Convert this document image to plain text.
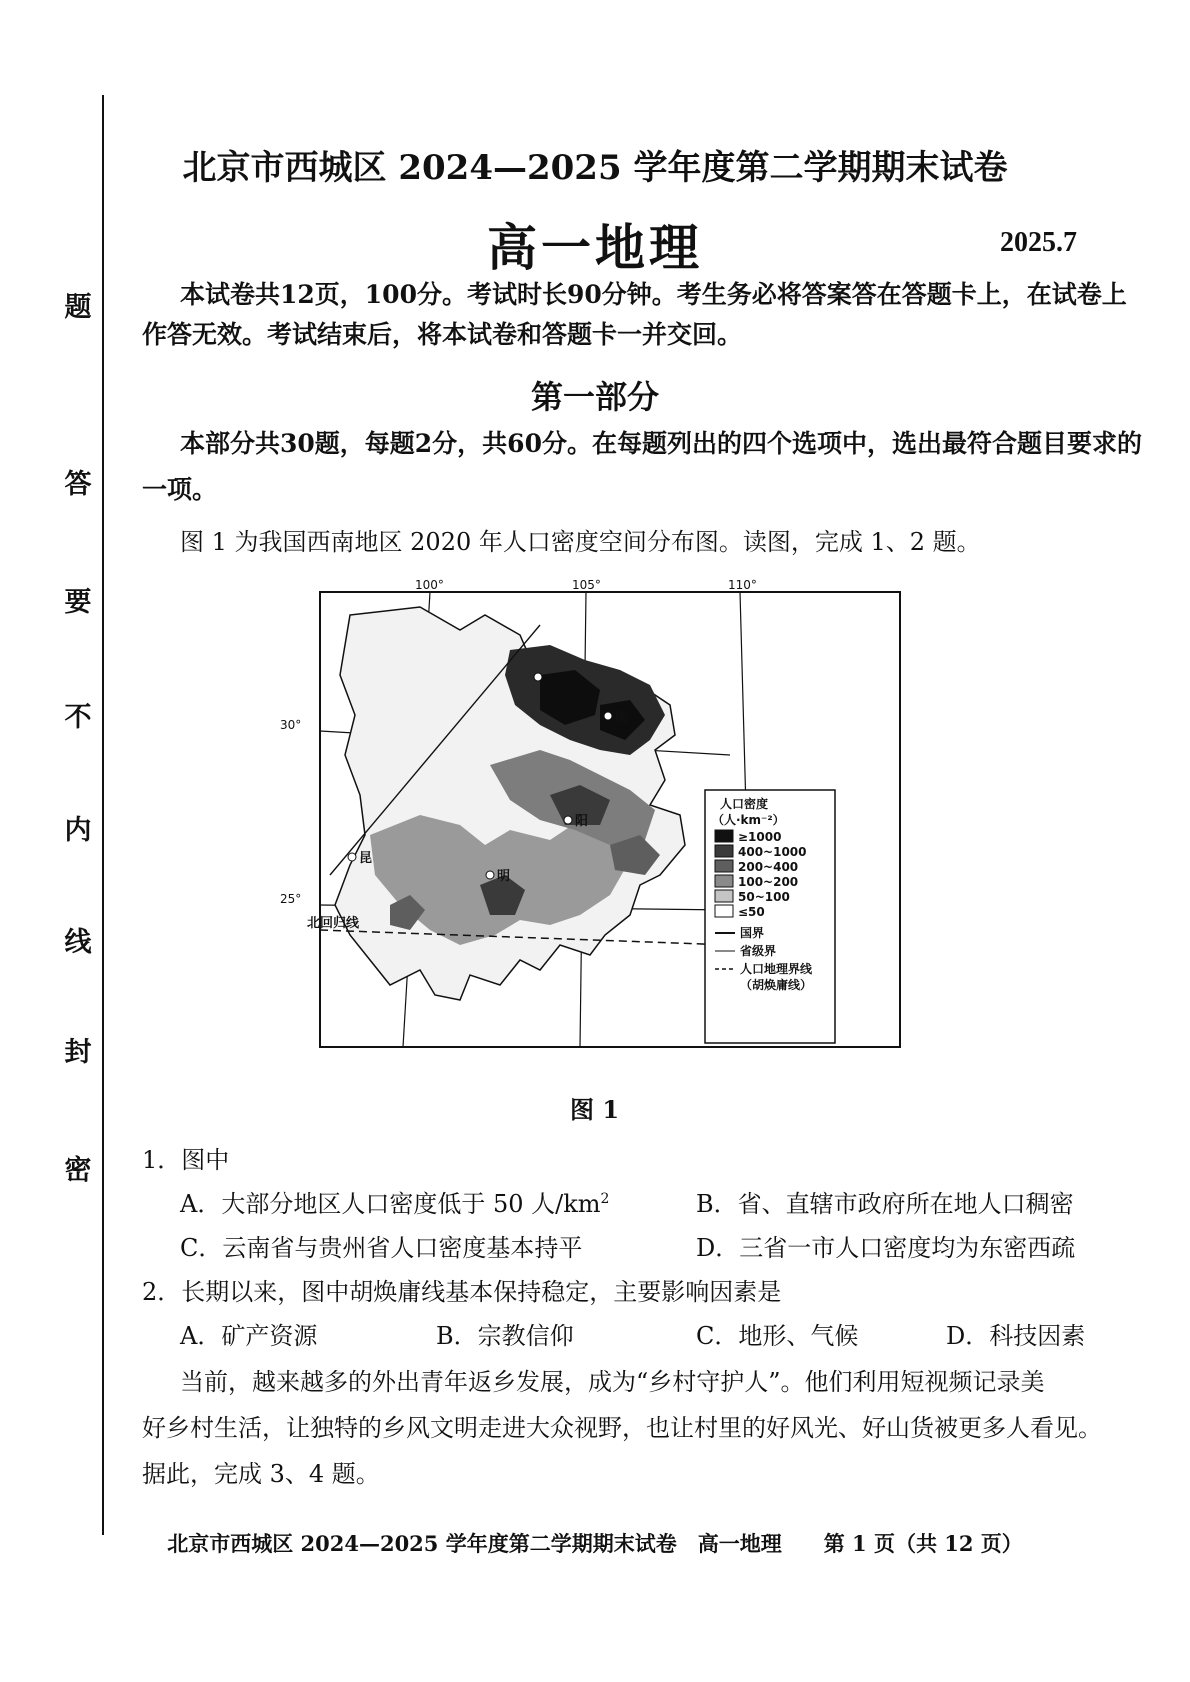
题
答
要
不
内
线
封
密
北京市西城区 2024—2025 学年度第二学期期末试卷
高一地理	2025.7
本试卷共12页，100分。考试时长90分钟。考生务必将答案答在答题卡上，在试卷上
作答无效。考试结束后，将本试卷和答题卡一并交回。
第一部分
本部分共30题，每题2分，共60分。在每题列出的四个选项中，选出最符合题目要求的
一项。
图 1 为我国西南地区 2020 年人口密度空间分布图。读图，完成 1、2 题。
100°	105°	110°
30°
25°
北回归线
庆
阳
明
昆
人口密度
（人·km⁻²）
≥1000
400~1000
200~400
100~200
50~100
≤50
国界
省级界
人口地理界线
（胡焕庸线）
图 1
1．图中
A．大部分地区人口密度低于 50 人$/km^2$	B．省、直辖市政府所在地人口稠密
C．云南省与贵州省人口密度基本持平	D．三省一市人口密度均为东密西疏
2．长期以来，图中胡焕庸线基本保持稳定，主要影响因素是
A．矿产资源	B．宗教信仰	C．地形、气候	D．科技因素
当前，越来越多的外出青年返乡发展，成为“乡村守护人”。他们利用短视频记录美
好乡村生活，让独特的乡风文明走进大众视野，也让村里的好风光、好山货被更多人看见。
据此，完成 3、4 题。
北京市西城区 2024—2025 学年度第二学期期末试卷　高一地理　　第 1 页（共 12 页）
